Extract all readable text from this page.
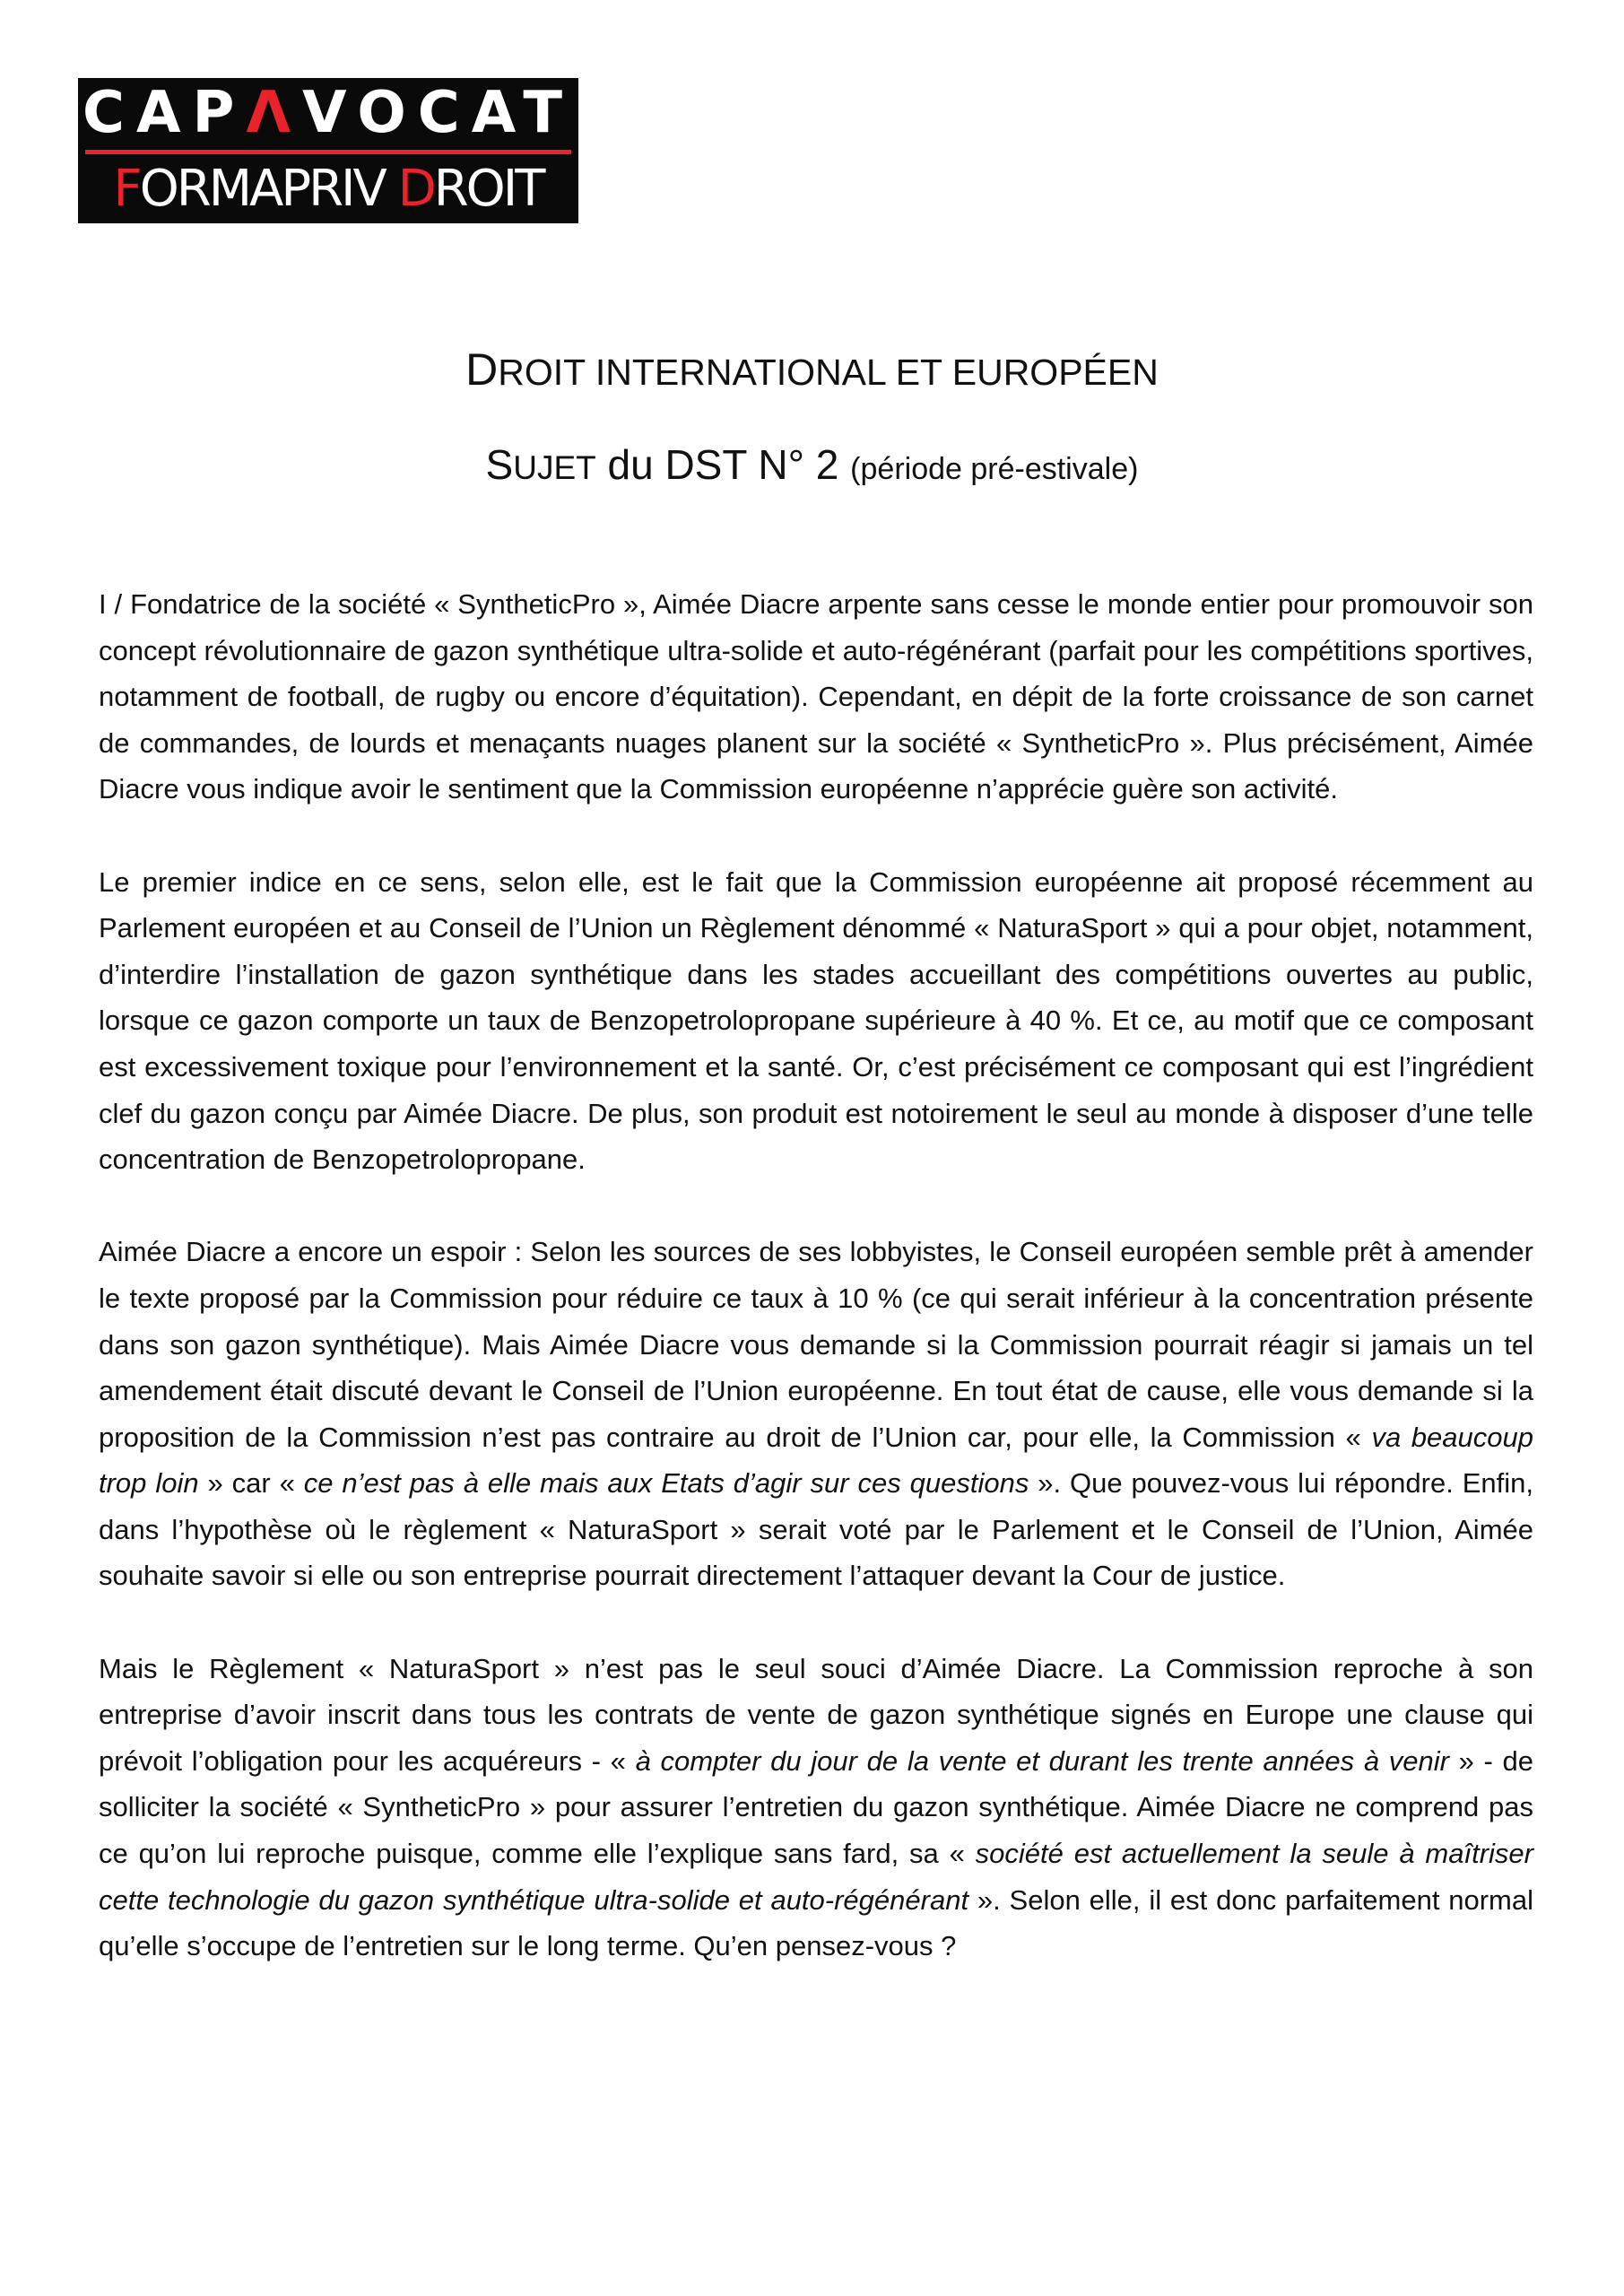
CAPΛVOCAT
FORMAPRIV DROIT
DROIT INTERNATIONAL ET EUROPÉEN
SUJET du DST N° 2 (période pré-estivale)

I / Fondatrice de la société « SyntheticPro », Aimée Diacre arpente sans cesse le monde entier pour promouvoir son concept révolutionnaire de gazon synthétique ultra-solide et auto-régénérant (parfait pour les compétitions sportives, notamment de football, de rugby ou encore d’équitation). Cependant, en dépit de la forte croissance de son carnet de commandes, de lourds et menaçants nuages planent sur la société « SyntheticPro ». Plus précisément, Aimée Diacre vous indique avoir le sentiment que la Commission européenne n’apprécie guère son activité.

Le premier indice en ce sens, selon elle, est le fait que la Commission européenne ait proposé récemment au Parlement européen et au Conseil de l’Union un Règlement dénommé « NaturaSport » qui a pour objet, notamment, d’interdire l’installation de gazon synthétique dans les stades accueillant des compétitions ouvertes au public, lorsque ce gazon comporte un taux de Benzopetrolopropane supérieure à 40 %. Et ce, au motif que ce composant est excessivement toxique pour l’environnement et la santé. Or, c’est précisément ce composant qui est l’ingrédient clef du gazon conçu par Aimée Diacre. De plus, son produit est notoirement le seul au monde à disposer d’une telle concentration de Benzopetrolopropane.

Aimée Diacre a encore un espoir : Selon les sources de ses lobbyistes, le Conseil européen semble prêt à amender le texte proposé par la Commission pour réduire ce taux à 10 % (ce qui serait inférieur à la concentration présente dans son gazon synthétique). Mais Aimée Diacre vous demande si la Commission pourrait réagir si jamais un tel amendement était discuté devant le Conseil de l’Union européenne. En tout état de cause, elle vous demande si la proposition de la Commission n’est pas contraire au droit de l’Union car, pour elle, la Commission « va beaucoup trop loin » car « ce n’est pas à elle mais aux Etats d’agir sur ces questions ». Que pouvez-vous lui répondre. Enfin, dans l’hypothèse où le règlement « NaturaSport » serait voté par le Parlement et le Conseil de l’Union, Aimée souhaite savoir si elle ou son entreprise pourrait directement l’attaquer devant la Cour de justice.

Mais le Règlement « NaturaSport » n’est pas le seul souci d’Aimée Diacre. La Commission reproche à son entreprise d’avoir inscrit dans tous les contrats de vente de gazon synthétique signés en Europe une clause qui prévoit l’obligation pour les acquéreurs - « à compter du jour de la vente et durant les trente années à venir » - de solliciter la société « SyntheticPro » pour assurer l’entretien du gazon synthétique. Aimée Diacre ne comprend pas ce qu’on lui reproche puisque, comme elle l’explique sans fard, sa « société est actuellement la seule à maîtriser cette technologie du gazon synthétique ultra-solide et auto-régénérant ». Selon elle, il est donc parfaitement normal qu’elle s’occupe de l’entretien sur le long terme. Qu’en pensez-vous ?
